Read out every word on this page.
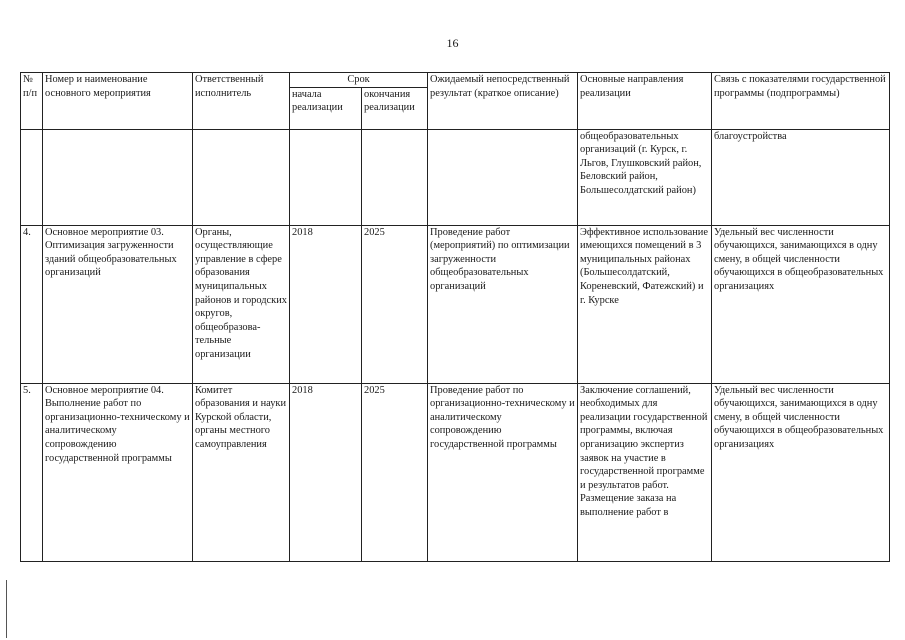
16
№ п/п	Номер и наименование основного мероприятия	Ответственный исполнитель	Срок		Ожидаемый непосредственный результат (краткое описание)	Основные направления реализации	Связь с показателями государственной программы (подпрограммы)
			начала реализации	окончания реализации			
						общеобразовательных организаций (г. Курск, г. Льгов, Глушковский район, Беловский район, Большесолдатский район)	благоустройства
4.	Основное мероприятие 03. Оптимизация загруженности зданий общеобразовательных организаций	Органы, осуществляющие управление в сфере образования муниципальных районов и городских округов, общеобразова-тельные организации	2018	2025	Проведение работ (мероприятий) по оптимизации загруженности общеобразовательных организаций	Эффективное использование имеющихся помещений в 3 муниципальных районах (Большесолдатский, Кореневский, Фатежский) и г. Курске	Удельный вес численности обучающихся, занимающихся в одну смену, в общей численности обучающихся в общеобразовательных организациях
5.	Основное мероприятие 04. Выполнение работ по организационно-техническому и аналитическому сопровождению государственной программы	Комитет образования и науки Курской области, органы местного самоуправления	2018	2025	Проведение работ по организационно-техническому и аналитическому сопровождению государственной программы	Заключение соглашений, необходимых для реализации государственной программы, включая организацию экспертиз заявок на участие в государственной программе и результатов работ. Размещение заказа на выполнение работ в	Удельный вес численности обучающихся, занимающихся в одну смену, в общей численности обучающихся в общеобразовательных организациях
